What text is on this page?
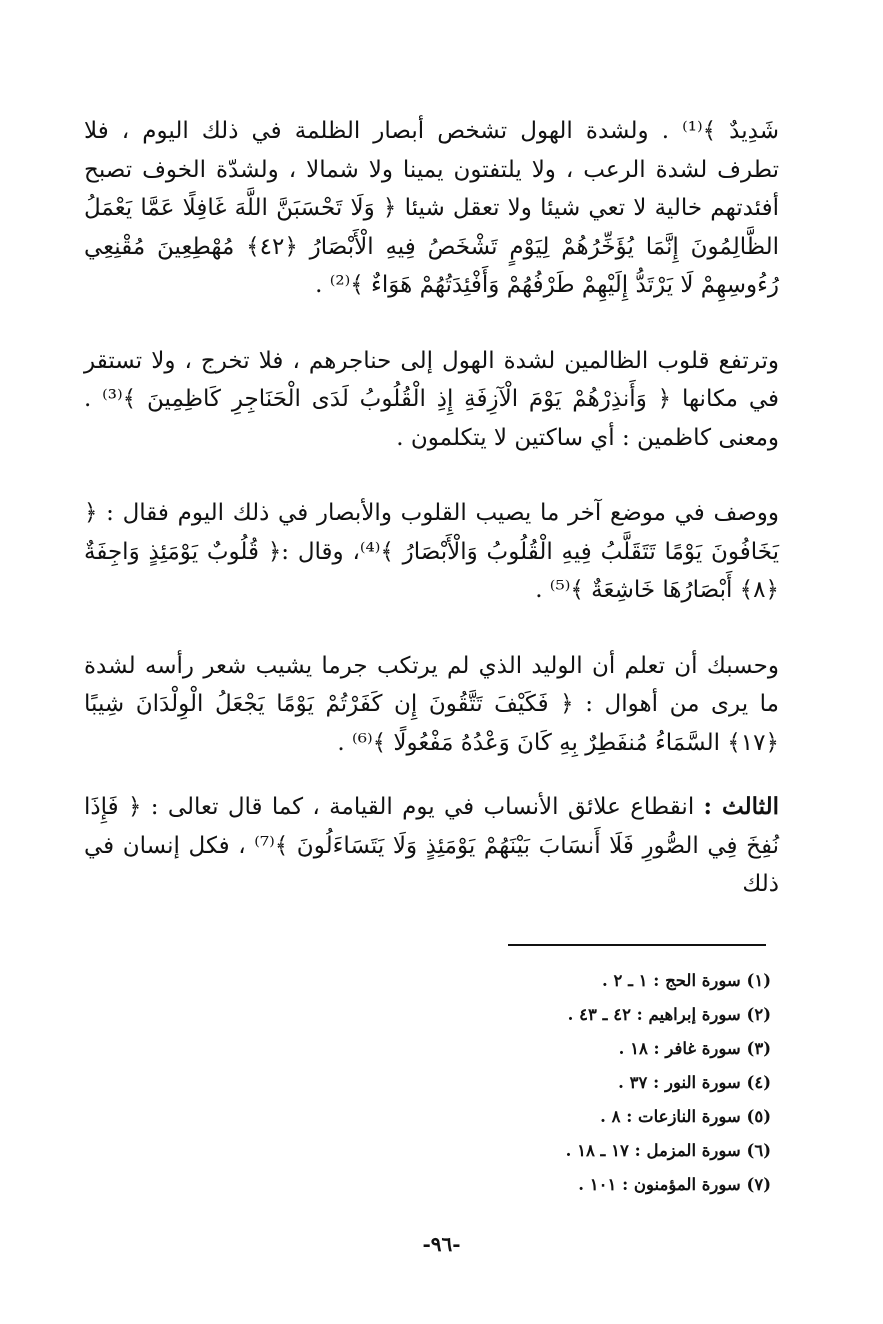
شَدِيدٌ ﴾⁽¹⁾ . ولشدة الهول تشخص أبصار الظلمة في ذلك اليوم ، فلا تطرف لشدة الرعب ، ولا يلتفتون يمينا ولا شمالا ، ولشدّة الخوف تصبح أفئدتهم خالية لا تعي شيئا ولا تعقل شيئا ﴿ وَلَا تَحْسَبَنَّ اللَّهَ غَافِلًا عَمَّا يَعْمَلُ الظَّالِمُونَ إِنَّمَا يُؤَخِّرُهُمْ لِيَوْمٍ تَشْخَصُ فِيهِ الْأَبْصَارُ ﴿٤٢﴾ مُهْطِعِينَ مُقْنِعِي رُءُوسِهِمْ لَا يَرْتَدُّ إِلَيْهِمْ طَرْفُهُمْ وَأَفْئِدَتُهُمْ هَوَاءٌ ﴾⁽²⁾ .

وترتفع قلوب الظالمين لشدة الهول إلى حناجرهم ، فلا تخرج ، ولا تستقر في مكانها ﴿ وَأَنذِرْهُمْ يَوْمَ الْآزِفَةِ إِذِ الْقُلُوبُ لَدَى الْحَنَاجِرِ كَاظِمِينَ ﴾⁽³⁾ . ومعنى كاظمين : أي ساكتين لا يتكلمون .

ووصف في موضع آخر ما يصيب القلوب والأبصار في ذلك اليوم فقال : ﴿ يَخَافُونَ يَوْمًا تَتَقَلَّبُ فِيهِ الْقُلُوبُ وَالْأَبْصَارُ ﴾⁽⁴⁾، وقال :﴿ قُلُوبٌ يَوْمَئِذٍ وَاجِفَةٌ ﴿٨﴾ أَبْصَارُهَا خَاشِعَةٌ ﴾⁽⁵⁾ .

وحسبك أن تعلم أن الوليد الذي لم يرتكب جرما يشيب شعر رأسه لشدة ما يرى من أهوال : ﴿ فَكَيْفَ تَتَّقُونَ إِن كَفَرْتُمْ يَوْمًا يَجْعَلُ الْوِلْدَانَ شِيبًا ﴿١٧﴾ السَّمَاءُ مُنفَطِرٌ بِهِ كَانَ وَعْدُهُ مَفْعُولًا ﴾⁽⁶⁾ .

الثالث : انقطاع علائق الأنساب في يوم القيامة ، كما قال تعالى : ﴿ فَإِذَا نُفِخَ فِي الصُّورِ فَلَا أَنسَابَ بَيْنَهُمْ يَوْمَئِذٍ وَلَا يَتَسَاءَلُونَ ﴾⁽⁷⁾ ، فكل إنسان في ذلك

(١) سورة الحج : ١ ـ ٢ .
(٢) سورة إبراهيم : ٤٢ ـ ٤٣ .
(٣) سورة غافر : ١٨ .
(٤) سورة النور : ٣٧ .
(٥) سورة النازعات : ٨ .
(٦) سورة المزمل : ١٧ ـ ١٨ .
(٧) سورة المؤمنون : ١٠١ .
-٩٦-
